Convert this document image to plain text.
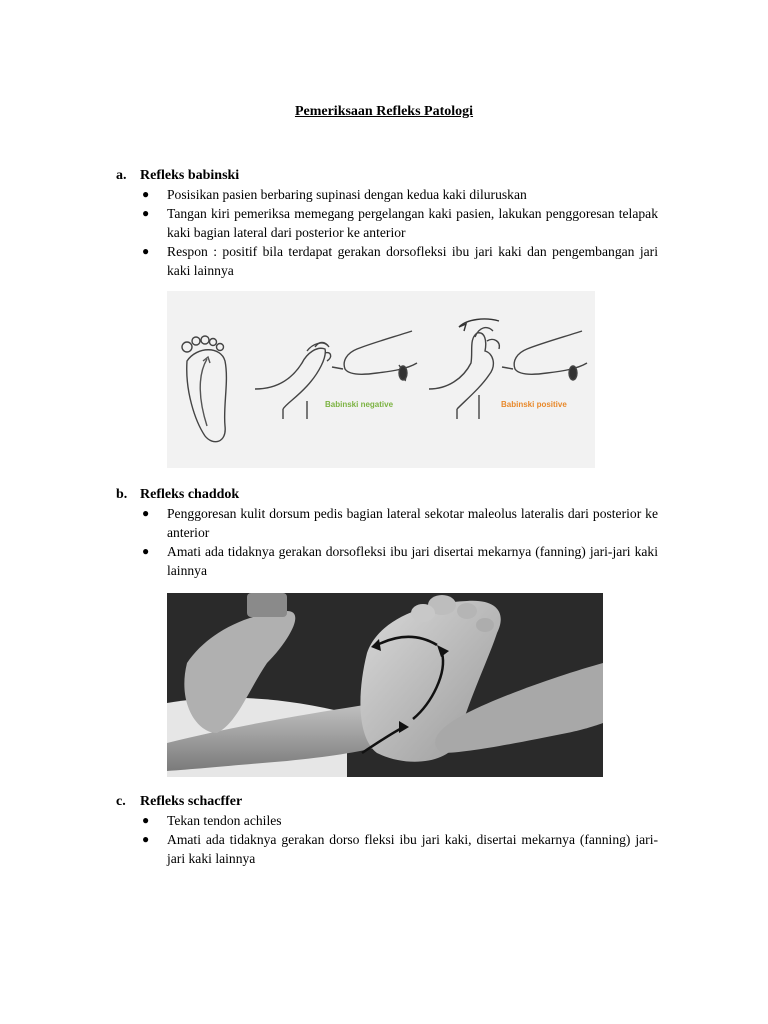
Pemeriksaan Refleks Patologi
a. Refleks babinski
● Posisikan pasien berbaring supinasi dengan kedua kaki diluruskan
● Tangan kiri pemeriksa memegang pergelangan kaki pasien, lakukan penggoresan telapak kaki bagian lateral dari posterior ke anterior
● Respon : positif bila terdapat gerakan dorsofleksi ibu jari kaki dan pengembangan jari kaki lainnya
Babinski negative	Babinski positive
b. Refleks chaddok
● Penggoresan kulit dorsum pedis bagian lateral sekotar maleolus lateralis dari posterior ke anterior
● Amati ada tidaknya gerakan dorsofleksi ibu jari disertai mekarnya (fanning) jari-jari kaki lainnya
c. Refleks schacffer
● Tekan tendon achiles
● Amati ada tidaknya gerakan dorso fleksi ibu jari kaki, disertai mekarnya (fanning) jari-jari kaki lainnya
